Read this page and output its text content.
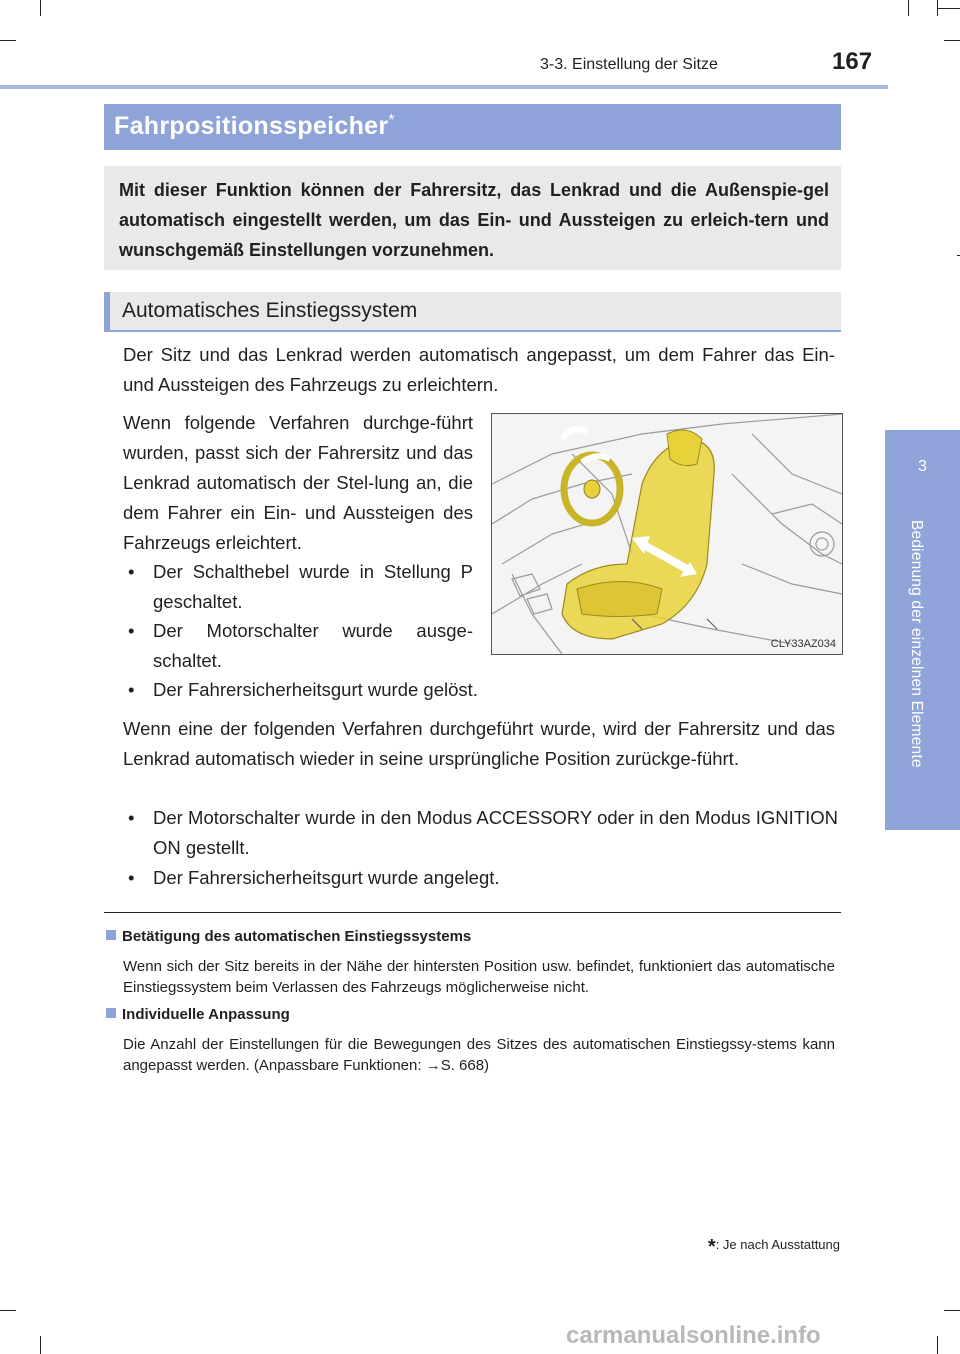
3-3. Einstellung der Sitze	167
3
Bedienung der einzelnen Elemente
Fahrpositionsspeicher*
Mit dieser Funktion können der Fahrersitz, das Lenkrad und die Außenspie-gel automatisch eingestellt werden, um das Ein- und Aussteigen zu erleich-tern und wunschgemäß Einstellungen vorzunehmen.
Automatisches Einstiegssystem
Der Sitz und das Lenkrad werden automatisch angepasst, um dem Fahrer das Ein- und Aussteigen des Fahrzeugs zu erleichtern.
Wenn folgende Verfahren durchge-führt wurden, passt sich der Fahrersitz und das Lenkrad automatisch der Stel-lung an, die dem Fahrer ein Ein- und Aussteigen des Fahrzeugs erleichtert.
• Der Schalthebel wurde in Stellung P geschaltet.
• Der Motorschalter wurde ausge-schaltet.
• Der Fahrersicherheitsgurt wurde gelöst.
CLY33AZ034
Wenn eine der folgenden Verfahren durchgeführt wurde, wird der Fahrersitz und das Lenkrad automatisch wieder in seine ursprüngliche Position zurückge-führt.
• Der Motorschalter wurde in den Modus ACCESSORY oder in den Modus IGNITION ON gestellt.
• Der Fahrersicherheitsgurt wurde angelegt.
Betätigung des automatischen Einstiegssystems
Wenn sich der Sitz bereits in der Nähe der hintersten Position usw. befindet, funktioniert das automatische Einstiegssystem beim Verlassen des Fahrzeugs möglicherweise nicht.
Individuelle Anpassung
Die Anzahl der Einstellungen für die Bewegungen des Sitzes des automatischen Einstiegssy-stems kann angepasst werden. (Anpassbare Funktionen: →S. 668)
*: Je nach Ausstattung
carmanualsonline.info
